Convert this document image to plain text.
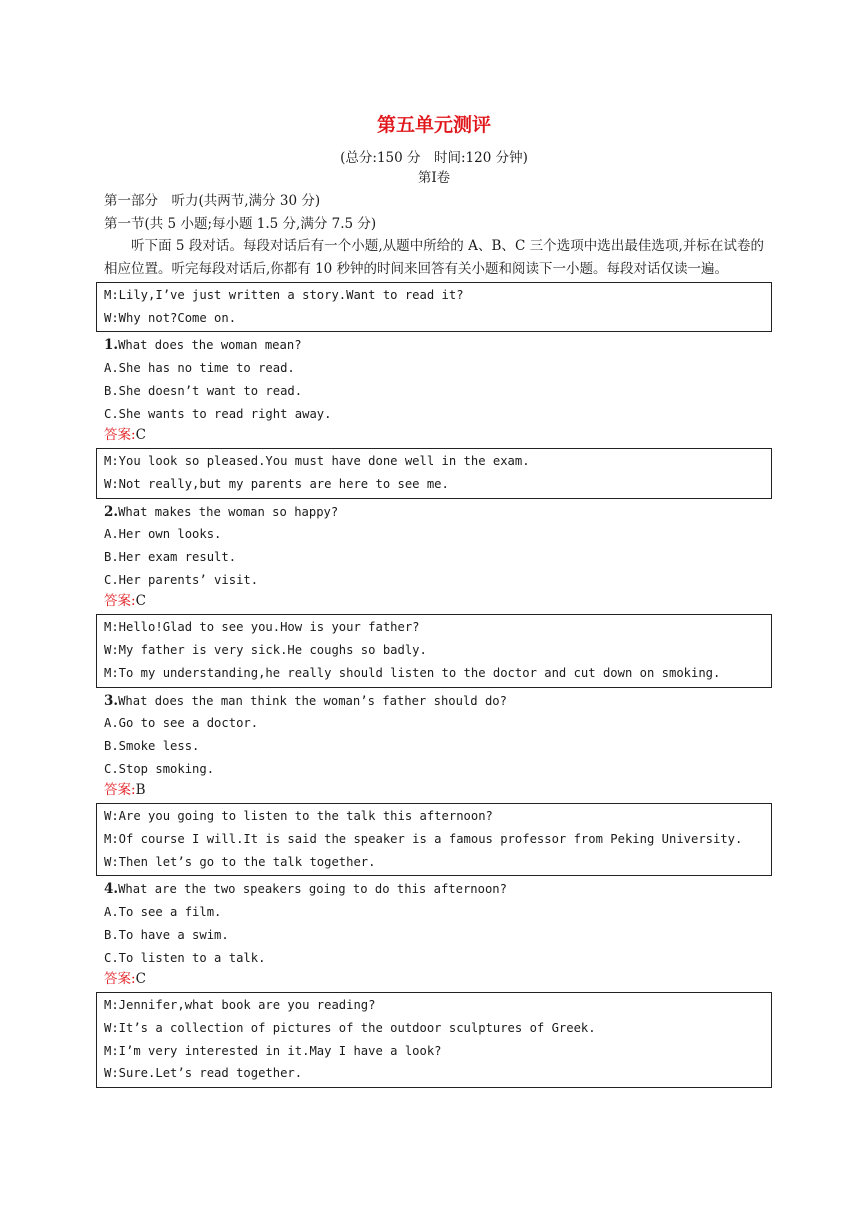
第五单元测评
(总分:150 分　时间:120 分钟)
第Ⅰ卷
第一部分　听力(共两节,满分 30 分)
第一节(共 5 小题;每小题 1.5 分,满分 7.5 分)
听下面 5 段对话。每段对话后有一个小题,从题中所给的 A、B、C 三个选项中选出最佳选项,并标在试卷的相应位置。听完每段对话后,你都有 10 秒钟的时间来回答有关小题和阅读下一小题。每段对话仅读一遍。
M:Lily,I’ve just written a story.Want to read it?
W:Why not?Come on.
1.What does the woman mean?
A.She has no time to read.
B.She doesn’t want to read.
C.She wants to read right away.
答案:C
M:You look so pleased.You must have done well in the exam.
W:Not really,but my parents are here to see me.
2.What makes the woman so happy?
A.Her own looks.
B.Her exam result.
C.Her parents’ visit.
答案:C
M:Hello!Glad to see you.How is your father?
W:My father is very sick.He coughs so badly.
M:To my understanding,he really should listen to the doctor and cut down on smoking.
3.What does the man think the woman’s father should do?
A.Go to see a doctor.
B.Smoke less.
C.Stop smoking.
答案:B
W:Are you going to listen to the talk this afternoon?
M:Of course I will.It is said the speaker is a famous professor from Peking University.
W:Then let’s go to the talk together.
4.What are the two speakers going to do this afternoon?
A.To see a film.
B.To have a swim.
C.To listen to a talk.
答案:C
M:Jennifer,what book are you reading?
W:It’s a collection of pictures of the outdoor sculptures of Greek.
M:I’m very interested in it.May I have a look?
W:Sure.Let’s read together.
